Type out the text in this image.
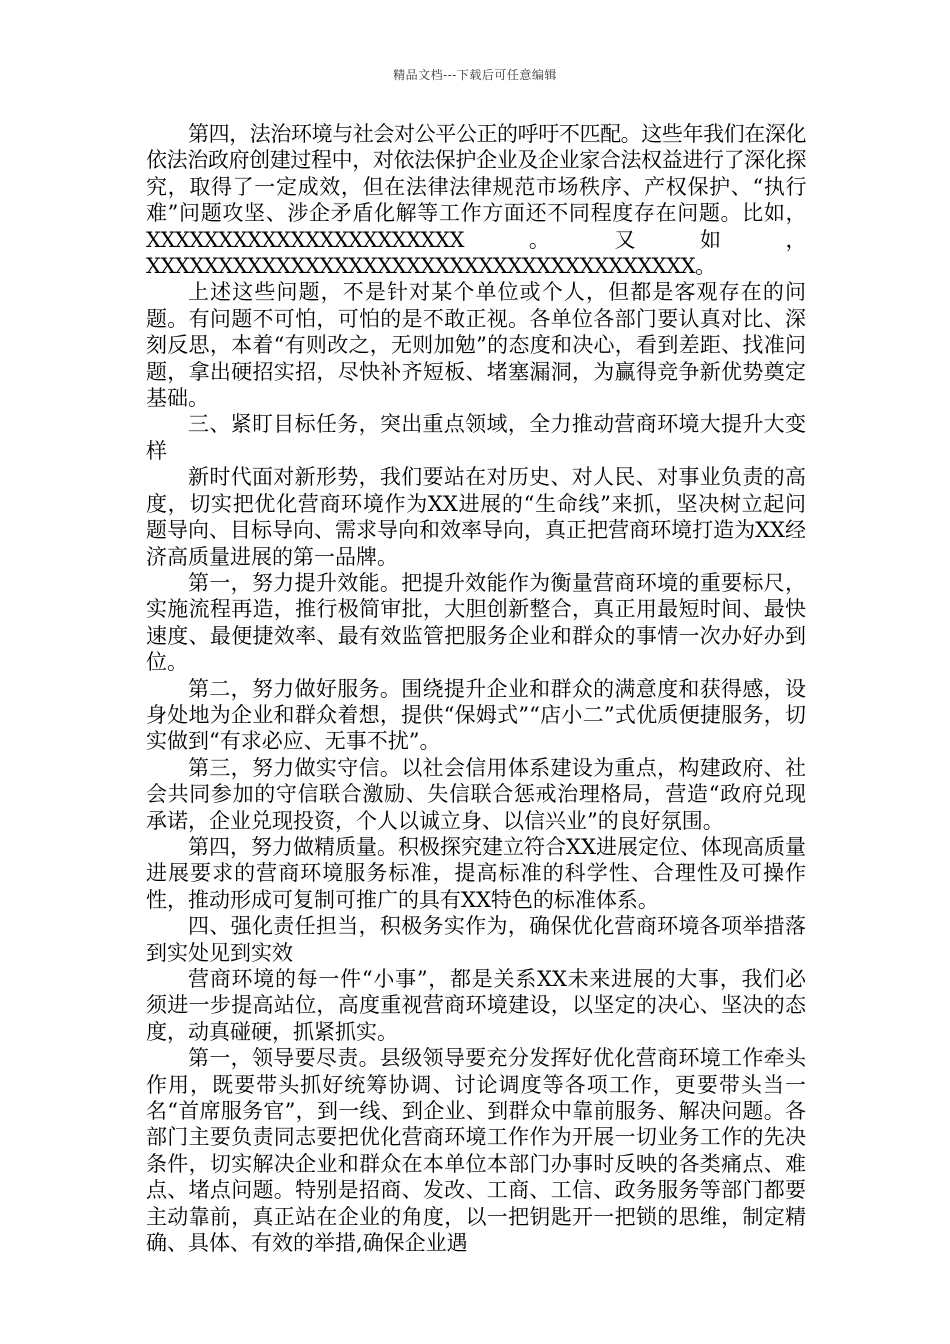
精品文档---下载后可任意编辑

第四，法治环境与社会对公平公正的呼吁不匹配。这些年我们在深化依法治政府创建过程中，对依法保护企业及企业家合法权益进行了深化探究，取得了一定成效，但在法律法律规范市场秩序、产权保护、“执行难”问题攻坚、涉企矛盾化解等工作方面还不同程度存在问题。比如，XXXXXXXXXXXXXXXXXXXXXX。又如，XXXXXXXXXXXXXXXXXXXXXXXXXXXXXXXXXXXXXX。

上述这些问题，不是针对某个单位或个人，但都是客观存在的问题。有问题不可怕，可怕的是不敢正视。各单位各部门要认真对比、深刻反思，本着“有则改之，无则加勉”的态度和决心，看到差距、找准问题，拿出硬招实招，尽快补齐短板、堵塞漏洞，为赢得竞争新优势奠定基础。

三、紧盯目标任务，突出重点领域，全力推动营商环境大提升大变样

新时代面对新形势，我们要站在对历史、对人民、对事业负责的高度，切实把优化营商环境作为XX进展的“生命线”来抓，坚决树立起问题导向、目标导向、需求导向和效率导向，真正把营商环境打造为XX经济高质量进展的第一品牌。

第一，努力提升效能。把提升效能作为衡量营商环境的重要标尺，实施流程再造，推行极简审批，大胆创新整合，真正用最短时间、最快速度、最便捷效率、最有效监管把服务企业和群众的事情一次办好办到位。

第二，努力做好服务。围绕提升企业和群众的满意度和获得感，设身处地为企业和群众着想，提供“保姆式”“店小二”式优质便捷服务，切实做到“有求必应、无事不扰”。

第三，努力做实守信。以社会信用体系建设为重点，构建政府、社会共同参加的守信联合激励、失信联合惩戒治理格局，营造“政府兑现承诺，企业兑现投资，个人以诚立身、以信兴业”的良好氛围。

第四，努力做精质量。积极探究建立符合XX进展定位、体现高质量进展要求的营商环境服务标准，提高标准的科学性、合理性及可操作性，推动形成可复制可推广的具有XX特色的标准体系。

四、强化责任担当，积极务实作为，确保优化营商环境各项举措落到实处见到实效

营商环境的每一件“小事”，都是关系XX未来进展的大事，我们必须进一步提高站位，高度重视营商环境建设，以坚定的决心、坚决的态度，动真碰硬，抓紧抓实。

第一，领导要尽责。县级领导要充分发挥好优化营商环境工作牵头作用，既要带头抓好统筹协调、讨论调度等各项工作，更要带头当一名“首席服务官”，到一线、到企业、到群众中靠前服务、解决问题。各部门主要负责同志要把优化营商环境工作作为开展一切业务工作的先决条件，切实解决企业和群众在本单位本部门办事时反映的各类痛点、难点、堵点问题。特别是招商、发改、工商、工信、政务服务等部门都要主动靠前，真正站在企业的角度，以一把钥匙开一把锁的思维，制定精确、具体、有效的举措,确保企业遇
